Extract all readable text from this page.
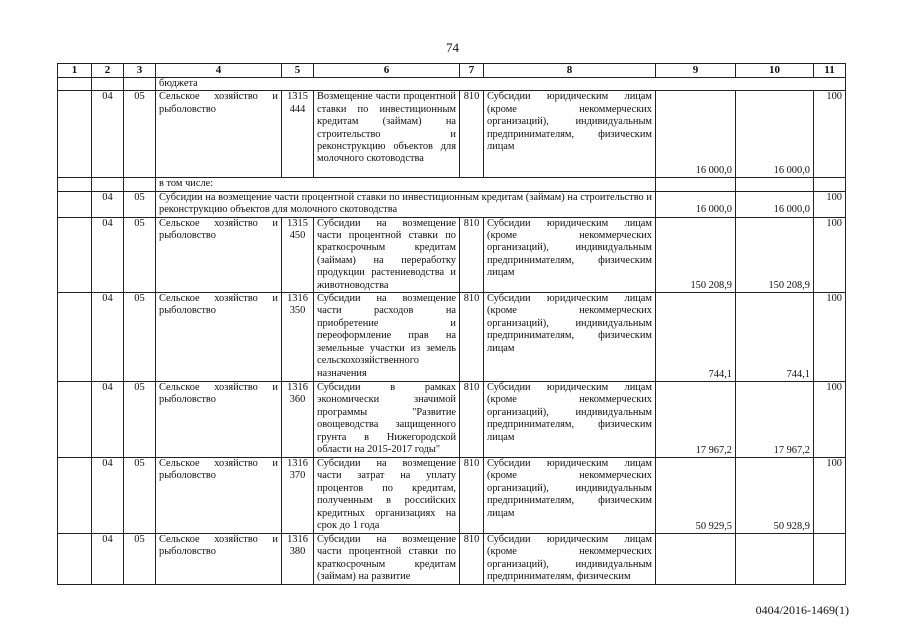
74
1	2	3	4	5	6	7	8	9	10	11
			бюджета							
	04	05	Сельское хозяйство и рыболовство	1315 444	Возмещение части процентной ставки по инвестиционным кредитам (займам) на строительство и реконструкцию объектов для молочного скотоводства	810	Субсидии юридическим лицам (кроме некоммерческих организаций), индивидуальным предпринимателям, физическим лицам	16 000,0	16 000,0	100
			в том числе:							
	04	05	Субсидии на возмещение части процентной ставки по инвестиционным кредитам (займам) на строительство и реконструкцию объектов для молочного скотоводства					16 000,0	16 000,0	100
	04	05	Сельское хозяйство и рыболовство	1315 450	Субсидии на возмещение части процентной ставки по краткосрочным кредитам (займам) на переработку продукции растениеводства и животноводства	810	Субсидии юридическим лицам (кроме некоммерческих организаций), индивидуальным предпринимателям, физическим лицам	150 208,9	150 208,9	100
	04	05	Сельское хозяйство и рыболовство	1316 350	Субсидии на возмещение части расходов на приобретение и переоформление прав на земельные участки из земель сельскохозяйственного назначения	810	Субсидии юридическим лицам (кроме некоммерческих организаций), индивидуальным предпринимателям, физическим лицам	744,1	744,1	100
	04	05	Сельское хозяйство и рыболовство	1316 360	Субсидии в рамках экономически значимой программы "Развитие овощеводства защищенного грунта в Нижегородской области на 2015-2017 годы"	810	Субсидии юридическим лицам (кроме некоммерческих организаций), индивидуальным предпринимателям, физическим лицам	17 967,2	17 967,2	100
	04	05	Сельское хозяйство и рыболовство	1316 370	Субсидии на возмещение части затрат на уплату процентов по кредитам, полученным в российских кредитных организациях на срок до 1 года	810	Субсидии юридическим лицам (кроме некоммерческих организаций), индивидуальным предпринимателям, физическим лицам	50 929,5	50 928,9	100
	04	05	Сельское хозяйство и рыболовство	1316 380	Субсидии на возмещение части процентной ставки по краткосрочным кредитам (займам) на развитие	810	Субсидии юридическим лицам (кроме некоммерческих организаций), индивидуальным предпринимателям, физическим			
0404/2016-1469(1)
